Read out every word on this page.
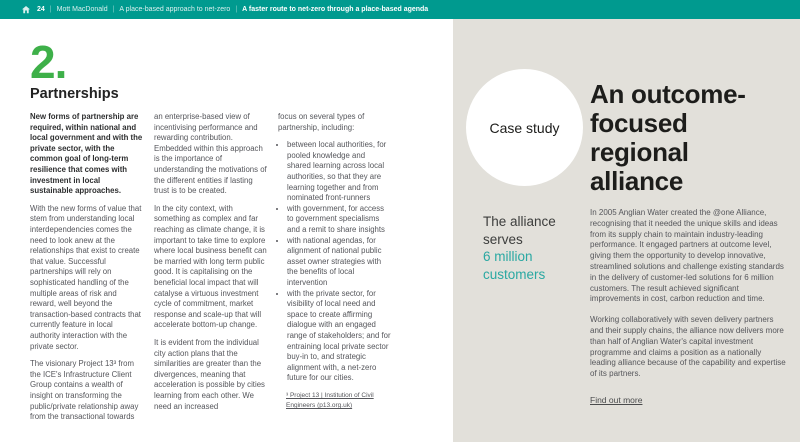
24 | Mott MacDonald | A place-based approach to net-zero | A faster route to net-zero through a place-based agenda
2.
Partnerships

New forms of partnership are required, within national and local government and with the private sector, with the common goal of long-term resilience that comes with investment in local sustainable approaches.

With the new forms of value that stem from understanding local interdependencies comes the need to look anew at the relationships that exist to create that value. Successful partnerships will rely on sophisticated handling of the multiple areas of risk and reward, well beyond the transaction-based contracts that currently feature in local authority interaction with the private sector.

The visionary Project 13³ from the ICE's Infrastructure Client Group contains a wealth of insight on transforming the public/private relationship away from the transactional towards

an enterprise-based view of incentivising performance and rewarding contribution. Embedded within this approach is the importance of understanding the motivations of the different entities if lasting trust is to be created.

In the city context, with something as complex and far reaching as climate change, it is important to take time to explore where local business benefit can be married with long term public good. It is capitalising on the beneficial local impact that will catalyse a virtuous investment cycle of commitment, market response and scale-up that will accelerate bottom-up change.

It is evident from the individual city action plans that the similarities are greater than the divergences, meaning that acceleration is possible by cities learning from each other. We need an increased

focus on several types of partnership, including:

• between local authorities, for pooled knowledge and shared learning across local authorities, so that they are learning together and from nominated front-runners
• with government, for access to government specialisms and a remit to share insights
• with national agendas, for alignment of national public asset owner strategies with the benefits of local intervention
• with the private sector, for visibility of local need and space to create affirming dialogue with an engaged range of stakeholders; and for entraining local private sector buy-in to, and strategic alignment with, a net-zero future for our cities.
³ Project 13 | Institution of Civil Engineers (p13.org.uk)
Case study
An outcome-focused regional alliance
The alliance serves
6 million customers

In 2005 Anglian Water created the @one Alliance, recognising that it needed the unique skills and ideas from its supply chain to maintain industry-leading performance. It engaged partners at outcome level, giving them the opportunity to develop innovative, streamlined solutions and challenge existing standards in the delivery of customer-led solutions for 6 million customers. The result achieved significant improvements in cost, carbon reduction and time.

Working collaboratively with seven delivery partners and their supply chains, the alliance now delivers more than half of Anglian Water's capital investment programme and claims a position as a nationally leading alliance because of the capability and expertise of its partners.

Find out more
